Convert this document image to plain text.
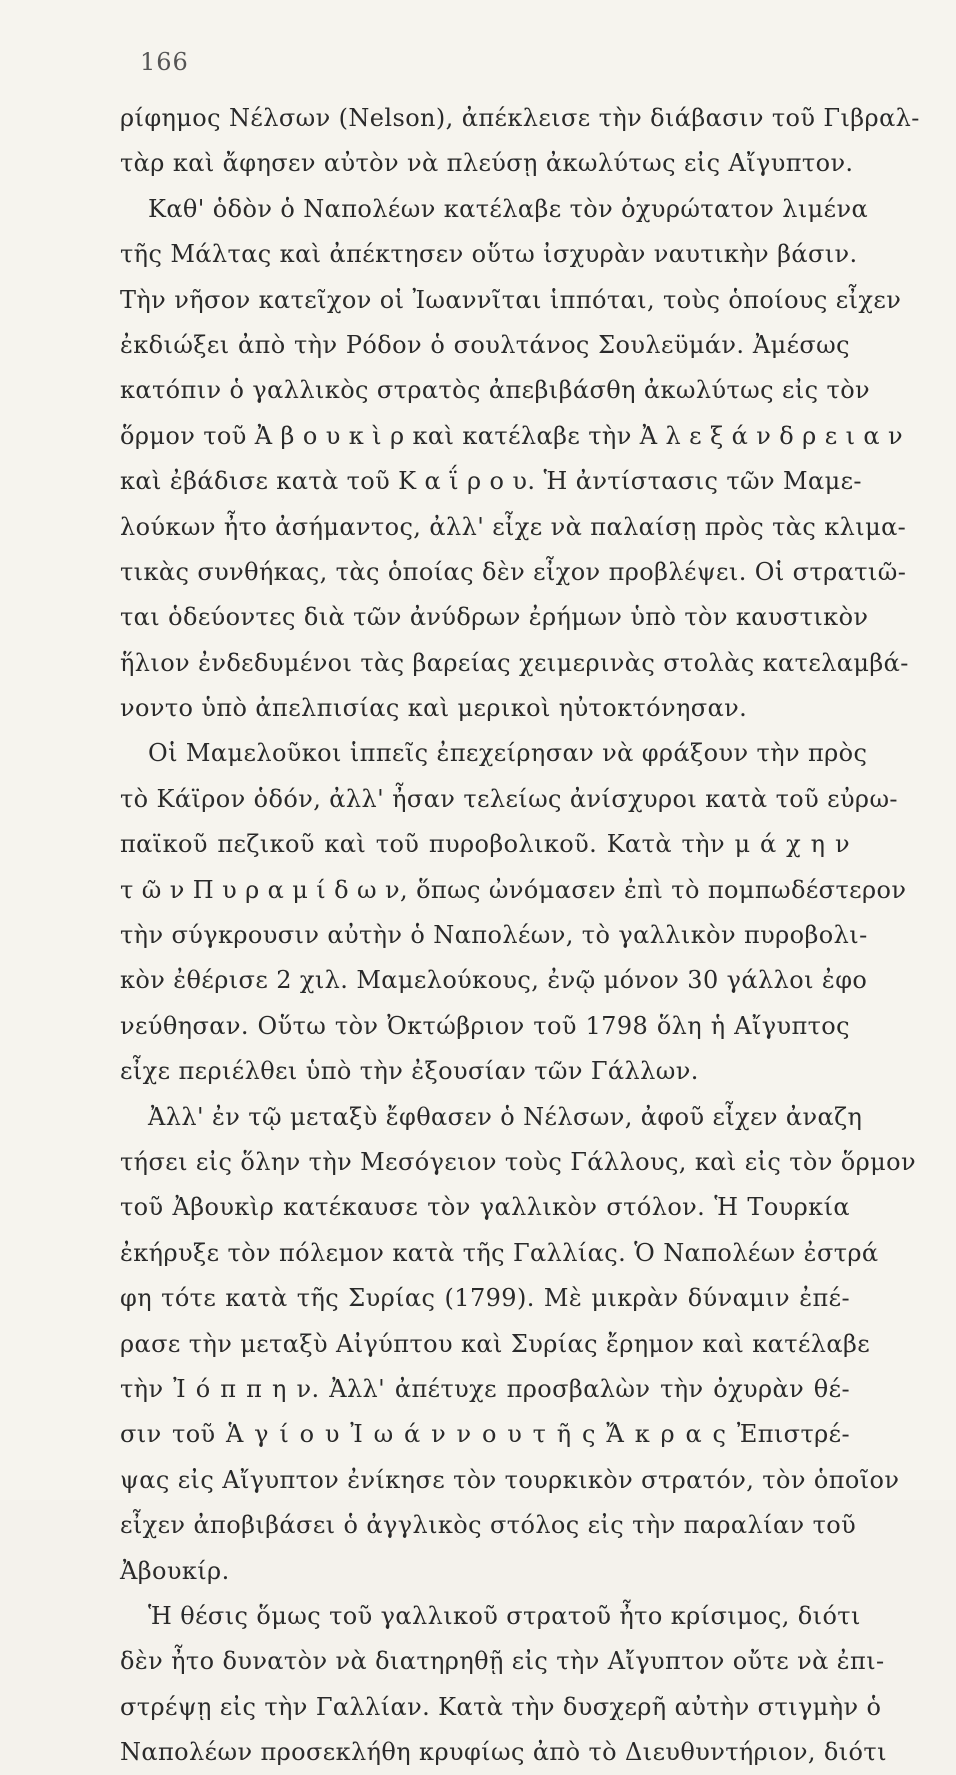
166
ρίφημος Νέλσων (Nelson), ἀπέκλεισε τὴν διάβασιν τοῦ Γιβραλ-
τὰρ καὶ ἄφησεν αὐτὸν νὰ πλεύσῃ ἀκωλύτως εἰς Αἴγυπτον.
Καθ' ὁδὸν ὁ Ναπολέων κατέλαβε τὸν ὀχυρώτατον λιμένα
τῆς Μάλτας καὶ ἀπέκτησεν οὕτω ἰσχυρὰν ναυτικὴν βάσιν.
Τὴν νῆσον κατεῖχον οἱ Ἰωαννῖται ἱππόται, τοὺς ὁποίους εἶχεν
ἐκδιώξει ἀπὸ τὴν Ρόδον ὁ σουλτάνος Σουλεϋμάν. Ἀμέσως
κατόπιν ὁ γαλλικὸς στρατὸς ἀπεβιβάσθη ἀκωλύτως εἰς τὸν
ὅρμον τοῦ Ἀ β ο υ κ ὶ ρ καὶ κατέλαβε τὴν Ἀ λ ε ξ ά ν δ ρ ε ι α ν
καὶ ἐβάδισε κατὰ τοῦ Κ α ΐ ρ ο υ. Ἡ ἀντίστασις τῶν Μαμε-
λούκων ἦτο ἀσήμαντος, ἀλλ' εἶχε νὰ παλαίσῃ πρὸς τὰς κλιμα-
τικὰς συνθήκας, τὰς ὁποίας δὲν εἶχον προβλέψει. Οἱ στρατιῶ-
ται ὁδεύοντες διὰ τῶν ἀνύδρων ἐρήμων ὑπὸ τὸν καυστικὸν
ἥλιον ἐνδεδυμένοι τὰς βαρείας χειμερινὰς στολὰς κατελαμβά-
νοντο ὑπὸ ἀπελπισίας καὶ μερικοὶ ηὐτοκτόνησαν.
Οἱ Μαμελοῦκοι ἱππεῖς ἐπεχείρησαν νὰ φράξουν τὴν πρὸς
τὸ Κάϊρον ὁδόν, ἀλλ' ἦσαν τελείως ἀνίσχυροι κατὰ τοῦ εὐρω-
παϊκοῦ πεζικοῦ καὶ τοῦ πυροβολικοῦ. Κατὰ τὴν μ ά χ η ν
τ ῶ ν Π υ ρ α μ ί δ ω ν, ὅπως ὠνόμασεν ἐπὶ τὸ πομπωδέστερον
τὴν σύγκρουσιν αὐτὴν ὁ Ναπολέων, τὸ γαλλικὸν πυροβολι-
κὸν ἐθέρισε 2 χιλ. Μαμελούκους, ἐνῷ μόνον 30 γάλλοι ἐφο
νεύθησαν. Οὕτω τὸν Ὀκτώβριον τοῦ 1798 ὅλη ἡ Αἴγυπτος
εἶχε περιέλθει ὑπὸ τὴν ἐξουσίαν τῶν Γάλλων.
Ἀλλ' ἐν τῷ μεταξὺ ἔφθασεν ὁ Νέλσων, ἀφοῦ εἶχεν ἀναζη
τήσει εἰς ὅλην τὴν Μεσόγειον τοὺς Γάλλους, καὶ εἰς τὸν ὅρμον
τοῦ Ἀβουκὶρ κατέκαυσε τὸν γαλλικὸν στόλον. Ἡ Τουρκία
ἐκήρυξε τὸν πόλεμον κατὰ τῆς Γαλλίας. Ὁ Ναπολέων ἐστρά
φη τότε κατὰ τῆς Συρίας (1799). Μὲ μικρὰν δύναμιν ἐπέ-
ρασε τὴν μεταξὺ Αἰγύπτου καὶ Συρίας ἔρημον καὶ κατέλαβε
τὴν Ἰ ό π π η ν. Ἀλλ' ἀπέτυχε προσβαλὼν τὴν ὀχυρὰν θέ-
σιν τοῦ Ἁ γ ί ο υ Ἰ ω ά ν ν ο υ τ ῆ ς Ἄ κ ρ α ς Ἐπιστρέ-
ψας εἰς Αἴγυπτον ἐνίκησε τὸν τουρκικὸν στρατόν, τὸν ὁποῖον
εἶχεν ἀποβιβάσει ὁ ἀγγλικὸς στόλος εἰς τὴν παραλίαν τοῦ
Ἀβουκίρ.
Ἡ θέσις ὅμως τοῦ γαλλικοῦ στρατοῦ ἦτο κρίσιμος, διότι
δὲν ἦτο δυνατὸν νὰ διατηρηθῇ εἰς τὴν Αἴγυπτον οὔτε νὰ ἐπι-
στρέψῃ εἰς τὴν Γαλλίαν. Κατὰ τὴν δυσχερῆ αὐτὴν στιγμὴν ὁ
Ναπολέων προσεκλήθη κρυφίως ἀπὸ τὸ Διευθυντήριον, διότι
